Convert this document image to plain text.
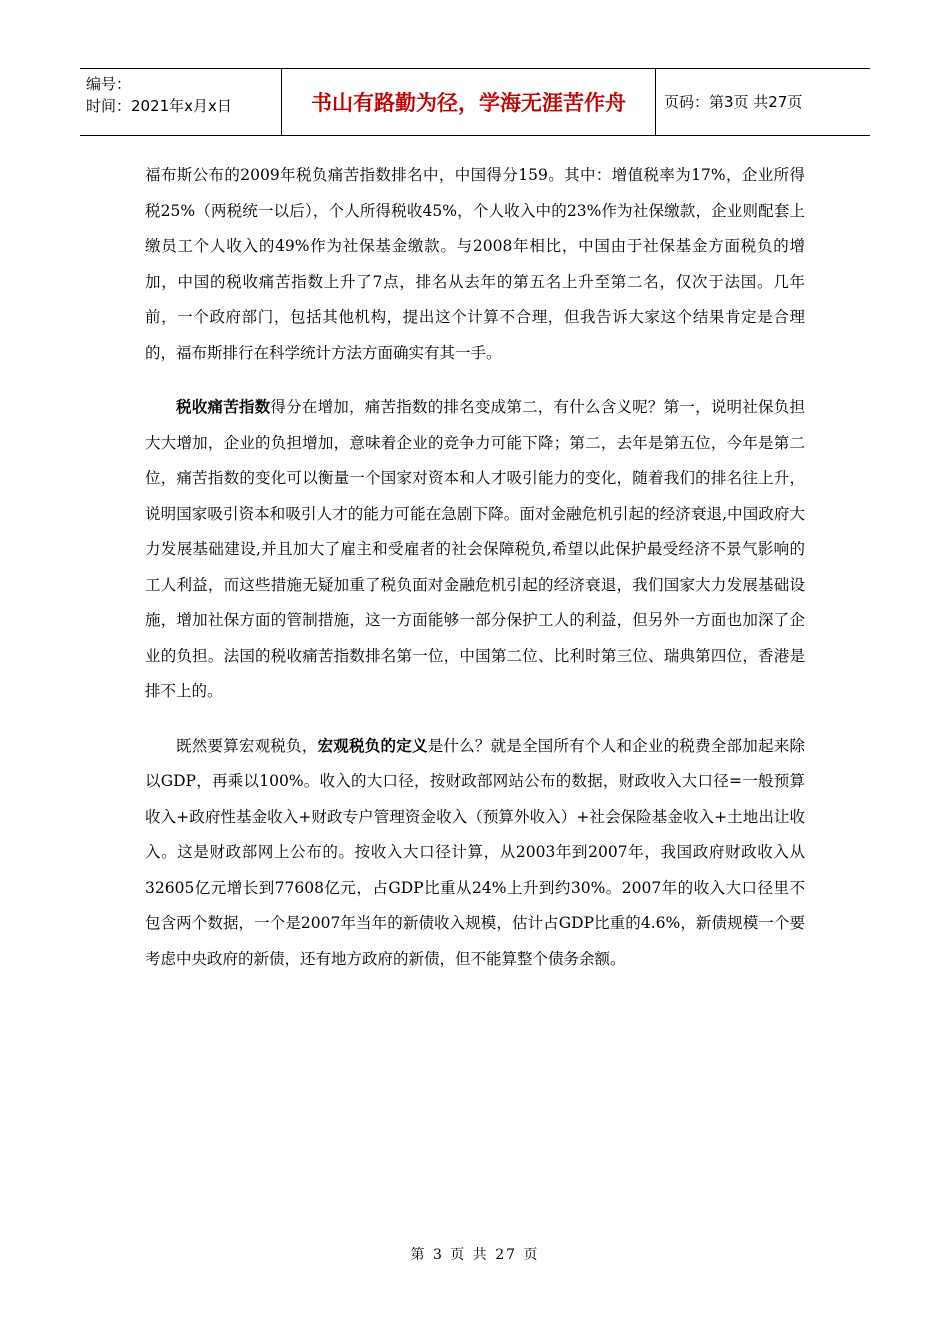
编号：
时间：2021年x月x日	书山有路勤为径，学海无涯苦作舟	页码：第3页 共27页

福布斯公布的2009年税负痛苦指数排名中，中国得分159。其中：增值税率为17%，企业所得税25%（两税统一以后），个人所得税收45%，个人收入中的23%作为社保缴款，企业则配套上缴员工个人收入的49%作为社保基金缴款。与2008年相比，中国由于社保基金方面税负的增加，中国的税收痛苦指数上升了7点，排名从去年的第五名上升至第二名，仅次于法国。几年前，一个政府部门，包括其他机构，提出这个计算不合理，但我告诉大家这个结果肯定是合理的，福布斯排行在科学统计方法方面确实有其一手。

税收痛苦指数得分在增加，痛苦指数的排名变成第二，有什么含义呢？第一，说明社保负担大大增加，企业的负担增加，意味着企业的竞争力可能下降；第二，去年是第五位，今年是第二位，痛苦指数的变化可以衡量一个国家对资本和人才吸引能力的变化，随着我们的排名往上升，说明国家吸引资本和吸引人才的能力可能在急剧下降。面对金融危机引起的经济衰退,中国政府大力发展基础建设,并且加大了雇主和受雇者的社会保障税负,希望以此保护最受经济不景气影响的工人利益，而这些措施无疑加重了税负面对金融危机引起的经济衰退，我们国家大力发展基础设施，增加社保方面的管制措施，这一方面能够一部分保护工人的利益，但另外一方面也加深了企业的负担。法国的税收痛苦指数排名第一位，中国第二位、比利时第三位、瑞典第四位，香港是排不上的。

既然要算宏观税负，宏观税负的定义是什么？就是全国所有个人和企业的税费全部加起来除以GDP，再乘以100%。收入的大口径，按财政部网站公布的数据，财政收入大口径=一般预算收入+政府性基金收入+财政专户管理资金收入（预算外收入）+社会保险基金收入+土地出让收入。这是财政部网上公布的。按收入大口径计算，从2003年到2007年，我国政府财政收入从32605亿元增长到77608亿元，占GDP比重从24%上升到约30%。2007年的收入大口径里不包含两个数据，一个是2007年当年的新债收入规模，估计占GDP比重的4.6%，新债规模一个要考虑中央政府的新债，还有地方政府的新债，但不能算整个债务余额。

第 3 页 共 27 页
